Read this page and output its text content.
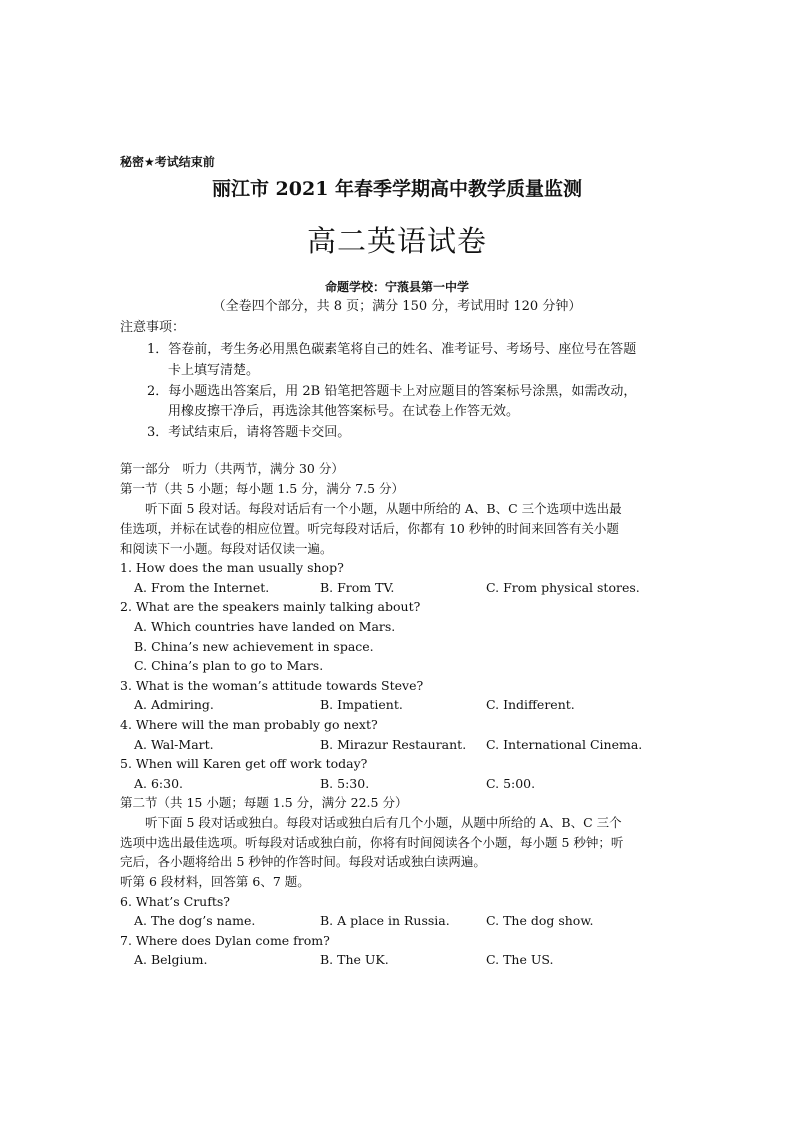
秘密★考试结束前
丽江市 2021 年春季学期高中教学质量监测
高二英语试卷
命题学校：宁蒗县第一中学
（全卷四个部分，共 8 页；满分 150 分，考试用时 120 分钟）
注意事项：
1．答卷前，考生务必用黑色碳素笔将自己的姓名、准考证号、考场号、座位号在答题
卡上填写清楚。
2．每小题选出答案后，用 2B 铅笔把答题卡上对应题目的答案标号涂黑，如需改动，
用橡皮擦干净后，再选涂其他答案标号。在试卷上作答无效。
3．考试结束后，请将答题卡交回。
第一部分　听力（共两节，满分 30 分）
第一节（共 5 小题；每小题 1.5 分，满分 7.5 分）
　　听下面 5 段对话。每段对话后有一个小题，从题中所给的 A、B、C 三个选项中选出最
佳选项，并标在试卷的相应位置。听完每段对话后，你都有 10 秒钟的时间来回答有关小题
和阅读下一小题。每段对话仅读一遍。
1. How does the man usually shop?
A. From the Internet.	B. From TV.	C. From physical stores.
2. What are the speakers mainly talking about?
A. Which countries have landed on Mars.
B. China’s new achievement in space.
C. China’s plan to go to Mars.
3. What is the woman’s attitude towards Steve?
A. Admiring.	B. Impatient.	C. Indifferent.
4. Where will the man probably go next?
A. Wal-Mart.	B. Mirazur Restaurant. C. International Cinema.
5. When will Karen get off work today?
A. 6:30.	B. 5:30.	C. 5:00.
第二节（共 15 小题；每题 1.5 分，满分 22.5 分）
　　听下面 5 段对话或独白。每段对话或独白后有几个小题，从题中所给的 A、B、C 三个
选项中选出最佳选项。听每段对话或独白前，你将有时间阅读各个小题，每小题 5 秒钟；听
完后，各小题将给出 5 秒钟的作答时间。每段对话或独白读两遍。
听第 6 段材料，回答第 6、7 题。
6. What’s Crufts?
A. The dog’s name.	B. A place in Russia.	C. The dog show.
7. Where does Dylan come from?
A. Belgium.	B. The UK.	C. The US.
